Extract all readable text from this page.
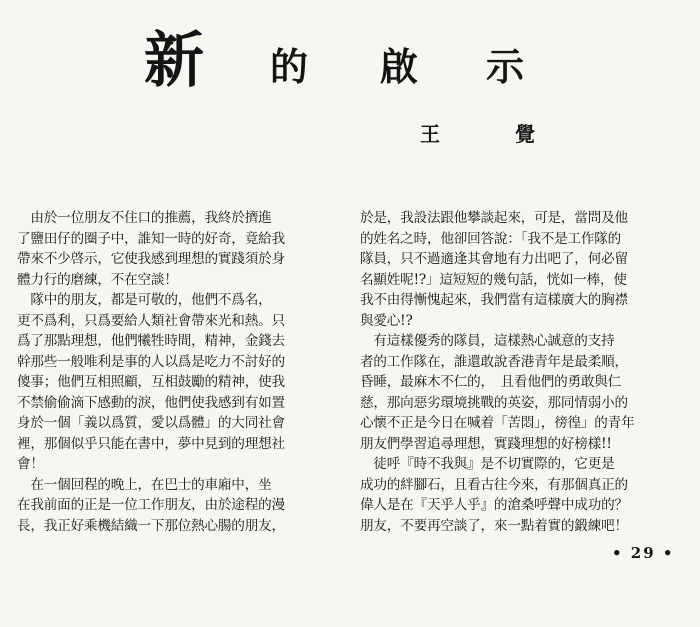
新 的 啟 示
王 覺
　由於一位朋友不住口的推薦，我終於擠進
了鹽田仔的圈子中，誰知一時的好奇，竟給我
帶來不少啓示，它使我感到理想的實踐須於身
體力行的磨練，不在空談！
　隊中的朋友，都是可敬的，他們不爲名，
更不爲利，只爲要給人類社會帶來光和熱。只
爲了那點理想，他們犧牲時間，精神，金錢去
幹那些一般唯利是事的人以爲是吃力不討好的
傻事；他們互相照顧，互相鼓勵的精神，使我
不禁偷偷滴下感動的淚，他們使我感到有如置
身於一個「義以爲質，愛以爲體」的大同社會
裡，那個似乎只能在書中，夢中見到的理想社
會！
　在一個回程的晚上，在巴士的車廂中，坐
在我前面的正是一位工作朋友，由於途程的漫
長，我正好乘機結織一下那位熱心腸的朋友，
於是，我設法跟他攀談起來，可是，當問及他
的姓名之時，他卻回答說：「我不是工作隊的
隊員，只不過適逢其會地有力出吧了，何必留
名顯姓呢!?」這短短的幾句話，恍如一棒，使
我不由得慚愧起來，我們當有這樣廣大的胸襟
與愛心!?
　有這樣優秀的隊員，這樣熱心誠意的支持
者的工作隊在，誰還敢說香港青年是最柔順，
昏睡，最麻木不仁的，　且看他們的勇敢與仁
慈，那向惡劣環境挑戰的英姿，那同情弱小的
心懷不正是今日在喊着「苦悶」，徬徨」的青年
朋友們學習追尋理想，實踐理想的好榜樣!!
　徒呼『時不我與』是不切實際的，它更是
成功的絆腳石，且看古往今來，有那個真正的
偉人是在『天乎人乎』的滄桑呼聲中成功的？
朋友，不要再空談了，來一點着實的鍛練吧！
• 29 •
